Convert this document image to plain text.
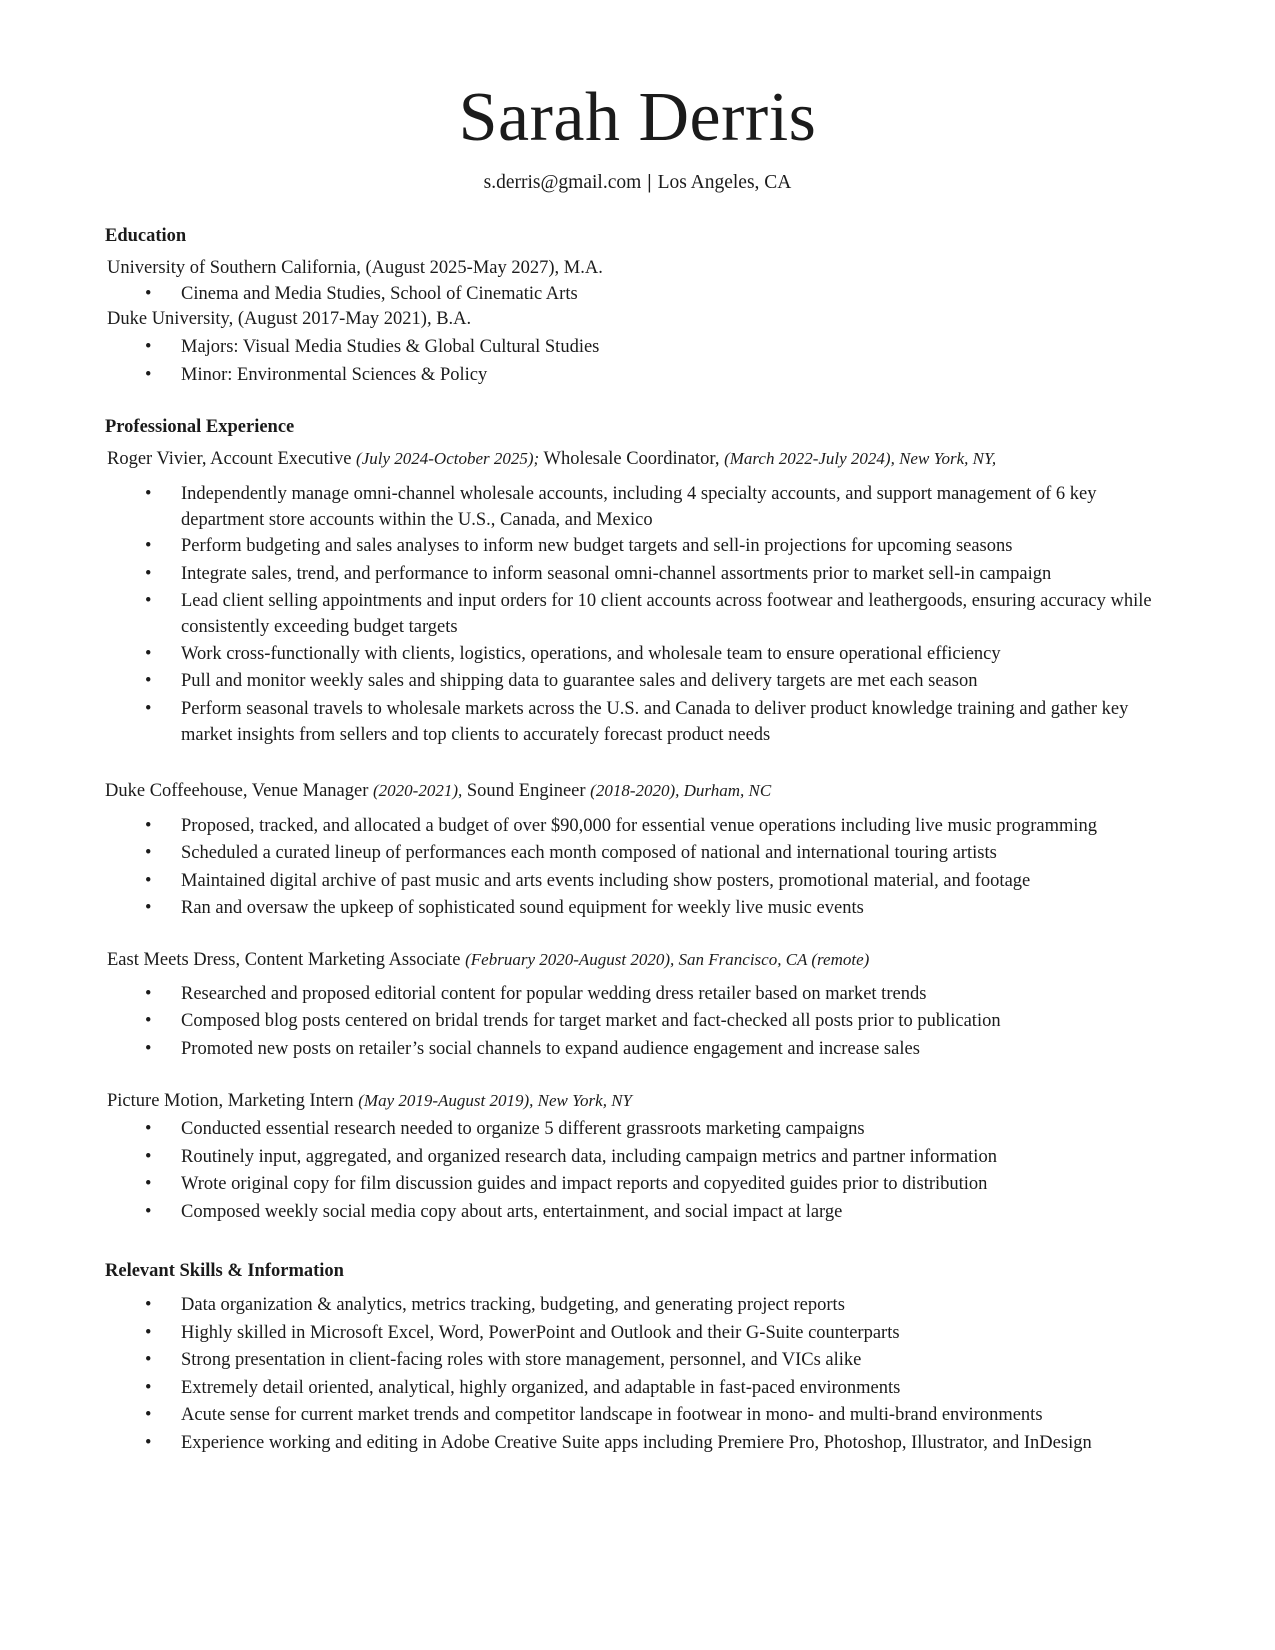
Sarah Derris
s.derris@gmail.com | Los Angeles, CA
Education
University of Southern California, (August 2025-May 2027), M.A.
•	Cinema and Media Studies, School of Cinematic Arts
Duke University, (August 2017-May 2021), B.A.
•	Majors: Visual Media Studies & Global Cultural Studies
•	Minor: Environmental Sciences & Policy
Professional Experience
Roger Vivier, Account Executive (July 2024-October 2025); Wholesale Coordinator, (March 2022-July 2024), New York, NY,
•	Independently manage omni-channel wholesale accounts, including 4 specialty accounts, and support management of 6 key department store accounts within the U.S., Canada, and Mexico
•	Perform budgeting and sales analyses to inform new budget targets and sell-in projections for upcoming seasons
•	Integrate sales, trend, and performance to inform seasonal omni-channel assortments prior to market sell-in campaign
•	Lead client selling appointments and input orders for 10 client accounts across footwear and leathergoods, ensuring accuracy while consistently exceeding budget targets
•	Work cross-functionally with clients, logistics, operations, and wholesale team to ensure operational efficiency
•	Pull and monitor weekly sales and shipping data to guarantee sales and delivery targets are met each season
•	Perform seasonal travels to wholesale markets across the U.S. and Canada to deliver product knowledge training and gather key market insights from sellers and top clients to accurately forecast product needs
Duke Coffeehouse, Venue Manager (2020-2021), Sound Engineer (2018-2020), Durham, NC
•	Proposed, tracked, and allocated a budget of over $90,000 for essential venue operations including live music programming
•	Scheduled a curated lineup of performances each month composed of national and international touring artists
•	Maintained digital archive of past music and arts events including show posters, promotional material, and footage
•	Ran and oversaw the upkeep of sophisticated sound equipment for weekly live music events
East Meets Dress, Content Marketing Associate (February 2020-August 2020), San Francisco, CA (remote)
•	Researched and proposed editorial content for popular wedding dress retailer based on market trends
•	Composed blog posts centered on bridal trends for target market and fact-checked all posts prior to publication
•	Promoted new posts on retailer’s social channels to expand audience engagement and increase sales
Picture Motion, Marketing Intern (May 2019-August 2019), New York, NY
•	Conducted essential research needed to organize 5 different grassroots marketing campaigns
•	Routinely input, aggregated, and organized research data, including campaign metrics and partner information
•	Wrote original copy for film discussion guides and impact reports and copyedited guides prior to distribution
•	Composed weekly social media copy about arts, entertainment, and social impact at large
Relevant Skills & Information
•	Data organization & analytics, metrics tracking, budgeting, and generating project reports
•	Highly skilled in Microsoft Excel, Word, PowerPoint and Outlook and their G-Suite counterparts
•	Strong presentation in client-facing roles with store management, personnel, and VICs alike
•	Extremely detail oriented, analytical, highly organized, and adaptable in fast-paced environments
•	Acute sense for current market trends and competitor landscape in footwear in mono- and multi-brand environments
•	Experience working and editing in Adobe Creative Suite apps including Premiere Pro, Photoshop, Illustrator, and InDesign
